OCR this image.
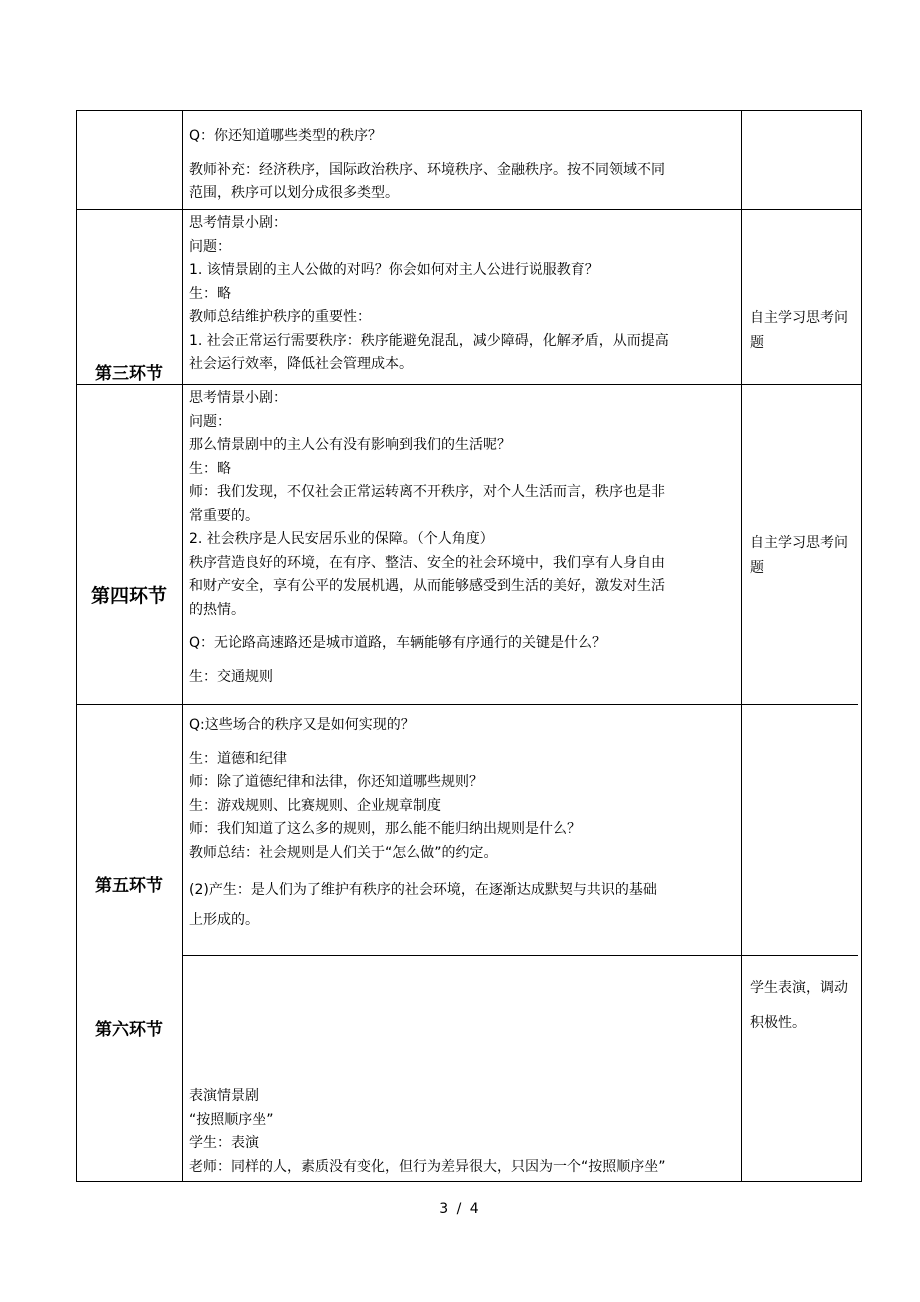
Q：你还知道哪些类型的秩序？

教师补充：经济秩序，国际政治秩序、环境秩序、金融秩序。按不同领域不同

范围，秩序可以划分成很多类型。

第三环节

思考情景小剧：

问题：

1. 该情景剧的主人公做的对吗？你会如何对主人公进行说服教育？

生：略

教师总结维护秩序的重要性：

1. 社会正常运行需要秩序：秩序能避免混乱，减少障碍，化解矛盾，从而提高

社会运行效率，降低社会管理成本。

自主学习思考问题
第四环节

思考情景小剧：

问题：

那么情景剧中的主人公有没有影响到我们的生活呢？

生：略

师：我们发现，不仅社会正常运转离不开秩序，对个人生活而言，秩序也是非

常重要的。

2. 社会秩序是人民安居乐业的保障。（个人角度）

秩序营造良好的环境，在有序、整洁、安全的社会环境中，我们享有人身自由

和财产安全，享有公平的发展机遇，从而能够感受到生活的美好，激发对生活

的热情。

Q：无论路高速路还是城市道路，车辆能够有序通行的关键是什么？

生：交通规则

自主学习思考问题
第五环节

Q:这些场合的秩序又是如何实现的？

生：道德和纪律

师：除了道德纪律和法律，你还知道哪些规则？

生：游戏规则、比赛规则、企业规章制度

师：我们知道了这么多的规则，那么能不能归纳出规则是什么？

教师总结：社会规则是人们关于“怎么做”的约定。

(2)产生：是人们为了维护有秩序的社会环境，在逐渐达成默契与共识的基础

上形成的。

第六环节

表演情景剧

“按照顺序坐”

学生：表演

老师：同样的人，素质没有变化，但行为差异很大，只因为一个“按照顺序坐”

学生表演，调动积极性。
3 / 4
